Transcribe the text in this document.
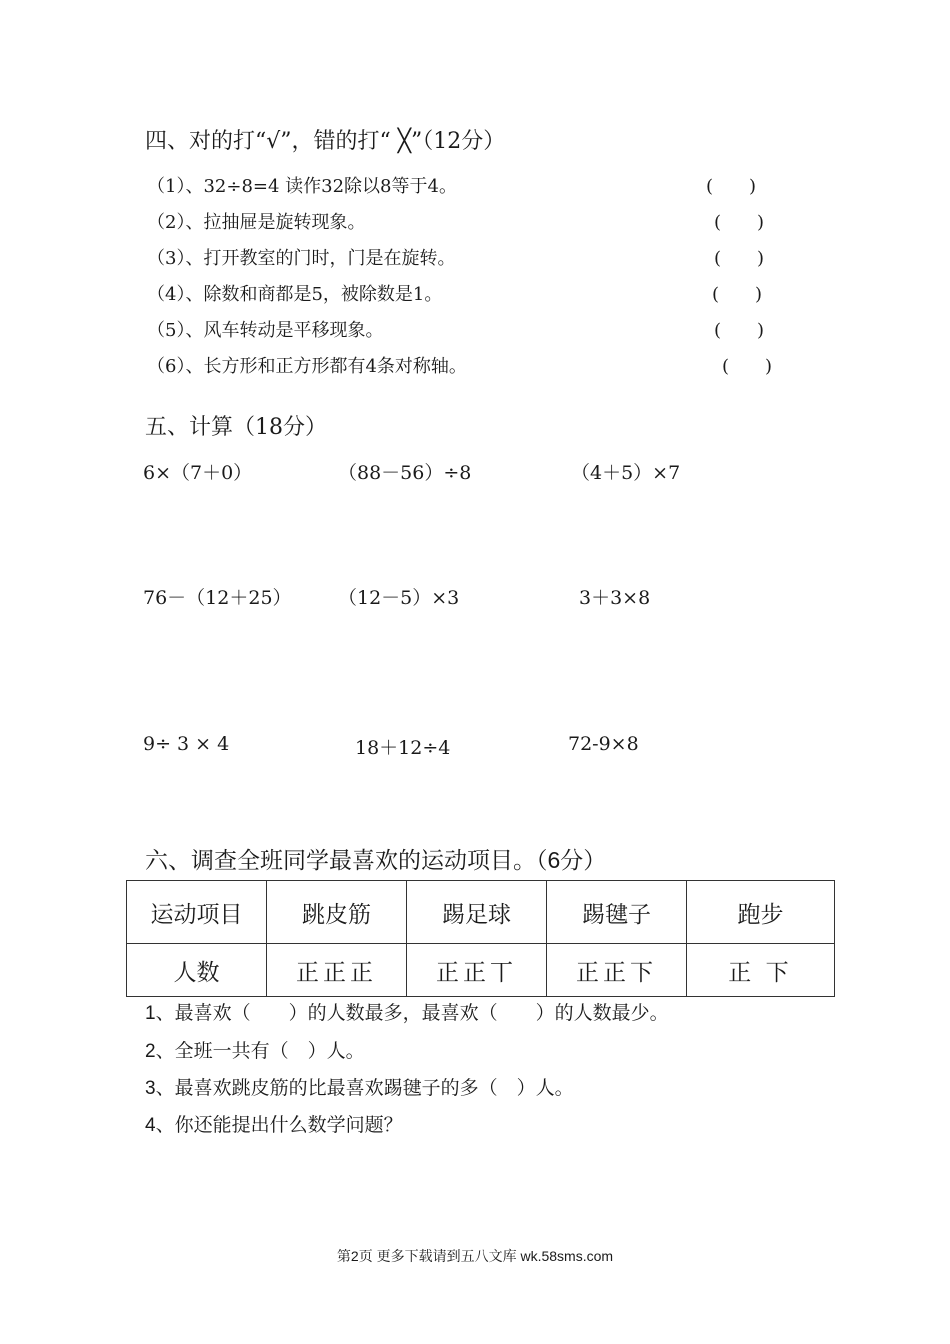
四、对的打“√”，错的打“ ╳”（12分）
（1）、32÷8=4 读作32除以8等于4。	(　　)
（2）、拉抽屉是旋转现象。	(　　)
（3）、打开教室的门时，门是在旋转。	(　　)
（4）、除数和商都是5，被除数是1。	(　　)
（5）、风车转动是平移现象。	(　　)
（6）、长方形和正方形都有4条对称轴。	(　　)
五、计算（18分）
6×（7＋0）	（88－56）÷8	（4＋5）×7
76－（12＋25） （12－5）×3	3＋3×8
9÷ 3 × 4	18＋12÷4	72-9×8
六、调查全班同学最喜欢的运动项目。（6分）
运动项目	跳皮筋	踢足球	踢毽子	跑步
人数	正正正	正正丅	正正下	正 下
1、最喜欢（　　）的人数最多，最喜欢（　　）的人数最少。
2、全班一共有（　）人。
3、最喜欢跳皮筋的比最喜欢踢毽子的多（　）人。
4、你还能提出什么数学问题？
第2页 更多下载请到五八文库 wk.58sms.com
